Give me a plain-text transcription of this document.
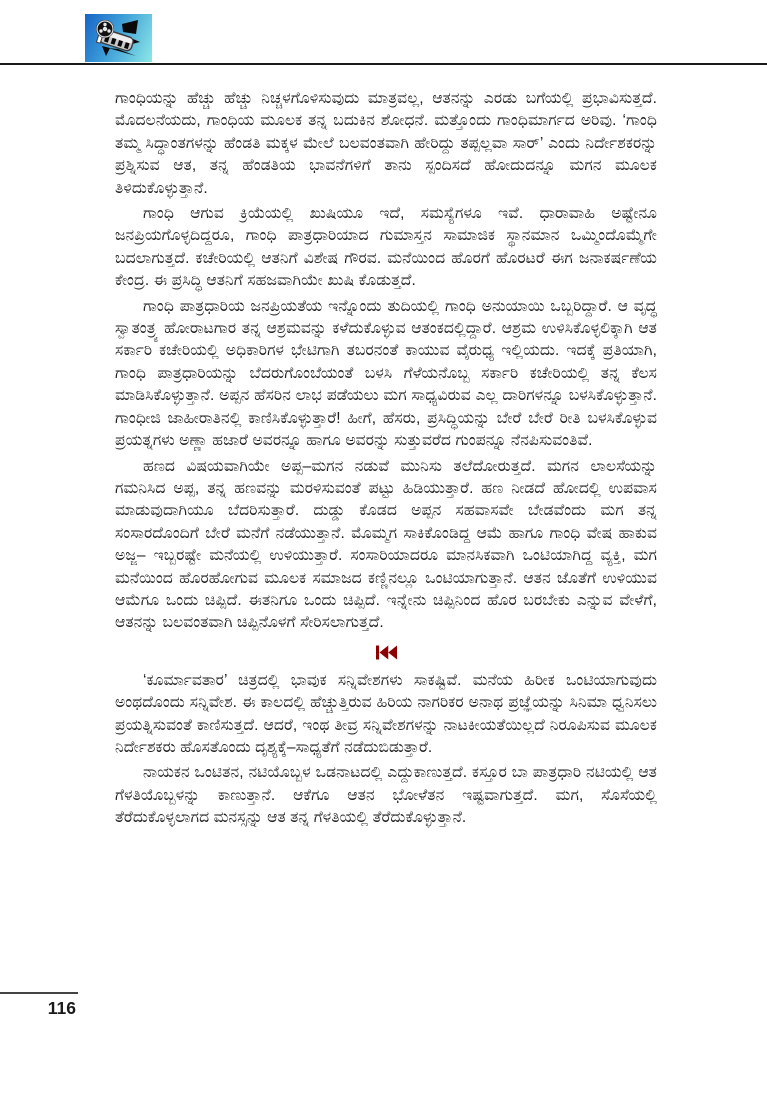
ಗಾಂಧಿಯನ್ನು ಹೆಚ್ಚು ಹೆಚ್ಚು ನಿಚ್ಚಳಗೊಳಿಸುವುದು ಮಾತ್ರವಲ್ಲ, ಆತನನ್ನು ಎರಡು ಬಗೆಯಲ್ಲಿ ಪ್ರಭಾವಿಸುತ್ತದೆ. ಮೊದಲನೆಯದು, ಗಾಂಧಿಯ ಮೂಲಕ ತನ್ನ ಬದುಕಿನ ಶೋಧನೆ. ಮತ್ತೊಂದು ಗಾಂಧಿಮಾರ್ಗದ ಅರಿವು. ‘ಗಾಂಧಿ ತಮ್ಮ ಸಿದ್ಧಾಂತಗಳನ್ನು ಹೆಂಡತಿ ಮಕ್ಕಳ ಮೇಲೆ ಬಲವಂತವಾಗಿ ಹೇರಿದ್ದು ತಪ್ಪಲ್ಲವಾ ಸಾರ್’ ಎಂದು ನಿರ್ದೇಶಕರನ್ನು ಪ್ರಶ್ನಿಸುವ ಆತ, ತನ್ನ ಹೆಂಡತಿಯ ಭಾವನೆಗಳಿಗೆ ತಾನು ಸ್ಪಂದಿಸದೆ ಹೋದುದನ್ನೂ ಮಗನ ಮೂಲಕ ತಿಳಿದುಕೊಳ್ಳುತ್ತಾನೆ.

ಗಾಂಧಿ ಆಗುವ ಕ್ರಿಯೆಯಲ್ಲಿ ಖುಷಿಯೂ ಇದೆ, ಸಮಸ್ಯೆಗಳೂ ಇವೆ. ಧಾರಾವಾಹಿ ಅಷ್ಟೇನೂ ಜನಪ್ರಿಯಗೊಳ್ಳದಿದ್ದರೂ, ಗಾಂಧಿ ಪಾತ್ರಧಾರಿಯಾದ ಗುಮಾಸ್ತನ ಸಾಮಾಜಿಕ ಸ್ಥಾನಮಾನ ಒಮ್ಮಿಂದೊಮ್ಮೆಗೇ ಬದಲಾಗುತ್ತದೆ. ಕಚೇರಿಯಲ್ಲಿ ಆತನಿಗೆ ವಿಶೇಷ ಗೌರವ. ಮನೆಯಿಂದ ಹೊರಗೆ ಹೊರಟರೆ ಈಗ ಜನಾಕರ್ಷಣೆಯ ಕೇಂದ್ರ. ಈ ಪ್ರಸಿದ್ಧಿ ಆತನಿಗೆ ಸಹಜವಾಗಿಯೇ ಖುಷಿ ಕೊಡುತ್ತದೆ.

ಗಾಂಧಿ ಪಾತ್ರಧಾರಿಯ ಜನಪ್ರಿಯತೆಯ ಇನ್ನೊಂದು ತುದಿಯಲ್ಲಿ ಗಾಂಧಿ ಅನುಯಾಯಿ ಒಬ್ಬರಿದ್ದಾರೆ. ಆ ವೃದ್ಧ ಸ್ವಾತಂತ್ರ್ಯ ಹೋರಾಟಗಾರ ತನ್ನ ಆಶ್ರಮವನ್ನು ಕಳೆದುಕೊಳ್ಳುವ ಆತಂಕದಲ್ಲಿದ್ದಾರೆ. ಆಶ್ರಮ ಉಳಿಸಿಕೊಳ್ಳಲಿಕ್ಕಾಗಿ ಆತ ಸರ್ಕಾರಿ ಕಚೇರಿಯಲ್ಲಿ ಅಧಿಕಾರಿಗಳ ಭೇಟಿಗಾಗಿ ತಬರನಂತೆ ಕಾಯುವ ವೈರುಧ್ಯ ಇಲ್ಲಿಯದು. ಇದಕ್ಕೆ ಪ್ರತಿಯಾಗಿ, ಗಾಂಧಿ ಪಾತ್ರಧಾರಿಯನ್ನು ಬೆದರುಗೊಂಬೆಯಂತೆ ಬಳಸಿ ಗೆಳೆಯನೊಬ್ಬ ಸರ್ಕಾರಿ ಕಚೇರಿಯಲ್ಲಿ ತನ್ನ ಕೆಲಸ ಮಾಡಿಸಿಕೊಳ್ಳುತ್ತಾನೆ. ಅಪ್ಪನ ಹೆಸರಿನ ಲಾಭ ಪಡೆಯಲು ಮಗ ಸಾಧ್ಯವಿರುವ ಎಲ್ಲ ದಾರಿಗಳನ್ನೂ ಬಳಸಿಕೊಳ್ಳುತ್ತಾನೆ. ಗಾಂಧೀಜಿ ಜಾಹೀರಾತಿನಲ್ಲಿ ಕಾಣಿಸಿಕೊಳ್ಳುತ್ತಾರೆ! ಹೀಗೆ, ಹೆಸರು, ಪ್ರಸಿದ್ಧಿಯನ್ನು ಬೇರೆ ಬೇರೆ ರೀತಿ ಬಳಸಿಕೊಳ್ಳುವ ಪ್ರಯತ್ನಗಳು ಅಣ್ಣಾ ಹಜಾರೆ ಅವರನ್ನೂ ಹಾಗೂ ಅವರನ್ನು ಸುತ್ತುವರೆದ ಗುಂಪನ್ನೂ ನೆನಪಿಸುವಂತಿವೆ.

ಹಣದ ವಿಷಯವಾಗಿಯೇ ಅಪ್ಪ–ಮಗನ ನಡುವೆ ಮುನಿಸು ತಲೆದೋರುತ್ತದೆ. ಮಗನ ಲಾಲಸೆಯನ್ನು ಗಮನಿಸಿದ ಅಪ್ಪ, ತನ್ನ ಹಣವನ್ನು ಮರಳಿಸುವಂತೆ ಪಟ್ಟು ಹಿಡಿಯುತ್ತಾರೆ. ಹಣ ನೀಡದೆ ಹೋದಲ್ಲಿ ಉಪವಾಸ ಮಾಡುವುದಾಗಿಯೂ ಬೆದರಿಸುತ್ತಾರೆ. ದುಡ್ಡು ಕೊಡದ ಅಪ್ಪನ ಸಹವಾಸವೇ ಬೇಡವೆಂದು ಮಗ ತನ್ನ ಸಂಸಾರದೊಂದಿಗೆ ಬೇರೆ ಮನೆಗೆ ನಡೆಯುತ್ತಾನೆ. ಮೊಮ್ಮಗ ಸಾಕಿಕೊಂಡಿದ್ದ ಆಮೆ ಹಾಗೂ ಗಾಂಧಿ ವೇಷ ಹಾಕುವ ಅಜ್ಜ– ಇಬ್ಬರಷ್ಟೇ ಮನೆಯಲ್ಲಿ ಉಳಿಯುತ್ತಾರೆ. ಸಂಸಾರಿಯಾದರೂ ಮಾನಸಿಕವಾಗಿ ಒಂಟಿಯಾಗಿದ್ದ ವ್ಯಕ್ತಿ, ಮಗ ಮನೆಯಿಂದ ಹೊರಹೋಗುವ ಮೂಲಕ ಸಮಾಜದ ಕಣ್ಣಿನಲ್ಲೂ ಒಂಟಿಯಾಗುತ್ತಾನೆ. ಆತನ ಜೊತೆಗೆ ಉಳಿಯುವ ಆಮೆಗೂ ಒಂದು ಚಿಪ್ಪಿದೆ. ಈತನಿಗೂ ಒಂದು ಚಿಪ್ಪಿದೆ. ಇನ್ನೇನು ಚಿಪ್ಪಿನಿಂದ ಹೊರ ಬರಬೇಕು ಎನ್ನುವ ವೇಳೆಗೆ, ಆತನನ್ನು ಬಲವಂತವಾಗಿ ಚಿಪ್ಪಿನೊಳಗೆ ಸೇರಿಸಲಾಗುತ್ತದೆ.

‘ಕೂರ್ಮಾವತಾರ’ ಚಿತ್ರದಲ್ಲಿ ಭಾವುಕ ಸನ್ನಿವೇಶಗಳು ಸಾಕಷ್ಟಿವೆ. ಮನೆಯ ಹಿರೀಕ ಒಂಟಿಯಾಗುವುದು ಅಂಥದೊಂದು ಸನ್ನಿವೇಶ. ಈ ಕಾಲದಲ್ಲಿ ಹೆಚ್ಚುತ್ತಿರುವ ಹಿರಿಯ ನಾಗರಿಕರ ಅನಾಥ ಪ್ರಜ್ಞೆಯನ್ನು ಸಿನಿಮಾ ಧ್ವನಿಸಲು ಪ್ರಯತ್ನಿಸುವಂತೆ ಕಾಣಿಸುತ್ತದೆ. ಆದರೆ, ಇಂಥ ತೀವ್ರ ಸನ್ನಿವೇಶಗಳನ್ನು ನಾಟಕೀಯತೆಯಿಲ್ಲದೆ ನಿರೂಪಿಸುವ ಮೂಲಕ ನಿರ್ದೇಶಕರು ಹೊಸತೊಂದು ದೃಶ್ಯಕ್ಕೆ–ಸಾಧ್ಯತೆಗೆ ನಡೆದುಬಿಡುತ್ತಾರೆ.

ನಾಯಕನ ಒಂಟಿತನ, ನಟಿಯೊಬ್ಬಳ ಒಡನಾಟದಲ್ಲಿ ಎದ್ದುಕಾಣುತ್ತದೆ. ಕಸ್ತೂರ ಬಾ ಪಾತ್ರಧಾರಿ ನಟಿಯಲ್ಲಿ ಆತ ಗೆಳತಿಯೊಬ್ಬಳನ್ನು ಕಾಣುತ್ತಾನೆ. ಆಕೆಗೂ ಆತನ ಭೋಳೆತನ ಇಷ್ಟವಾಗುತ್ತದೆ. ಮಗ, ಸೊಸೆಯಲ್ಲಿ ತೆರೆದುಕೊಳ್ಳಲಾಗದ ಮನಸ್ಸನ್ನು ಆತ ತನ್ನ ಗೆಳತಿಯಲ್ಲಿ ತೆರೆದುಕೊಳ್ಳುತ್ತಾನೆ.

116
